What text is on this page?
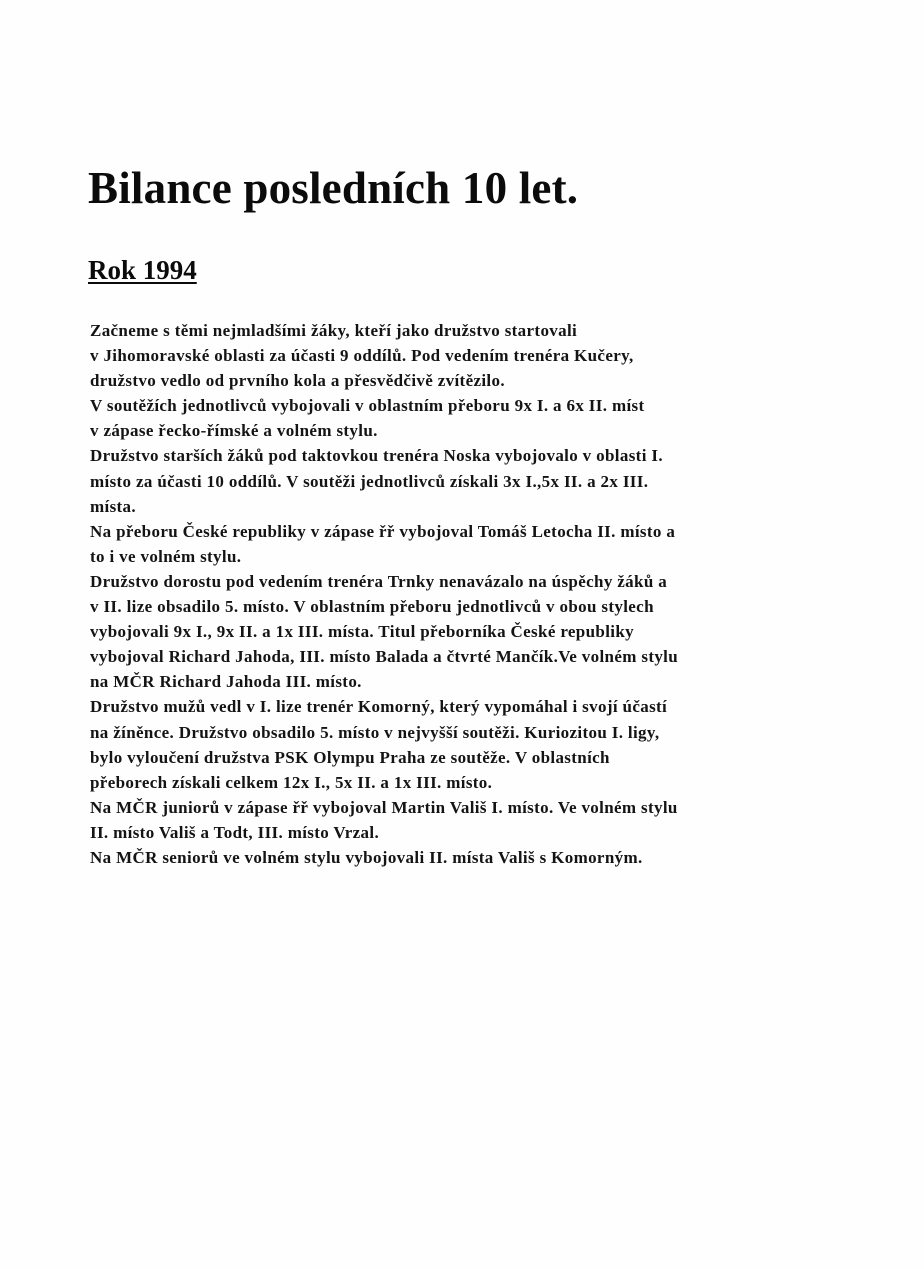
Bilance posledních 10 let.
Rok 1994
Začneme s těmi nejmladšími žáky, kteří jako družstvo startovali
v Jihomoravské oblasti za účasti 9 oddílů. Pod vedením trenéra Kučery,
družstvo vedlo od prvního kola a přesvědčivě zvítězilo.
V soutěžích jednotlivců vybojovali v oblastním přeboru 9x I. a 6x II. míst
v zápase řecko-římské a volném stylu.
Družstvo starších žáků pod taktovkou trenéra Noska vybojovalo v oblasti I.
místo za účasti 10 oddílů. V soutěži jednotlivců získali 3x I.,5x II. a 2x III.
místa.
Na přeboru České republiky v zápase řř vybojoval Tomáš Letocha II. místo a
to i ve volném stylu.
Družstvo dorostu pod vedením trenéra Trnky nenavázalo na úspěchy žáků a
v II. lize obsadilo 5. místo. V oblastním přeboru jednotlivců v obou stylech
vybojovali 9x I., 9x II. a 1x III. místa. Titul přeborníka České republiky
vybojoval Richard Jahoda, III. místo Balada a čtvrté Mančík.Ve volném stylu
na MČR Richard Jahoda III. místo.
Družstvo mužů vedl v I. lize trenér Komorný, který vypomáhal i svojí účastí
na žíněnce. Družstvo obsadilo 5. místo v nejvyšší soutěži. Kuriozitou I. ligy,
bylo vyloučení družstva PSK Olympu Praha ze soutěže. V oblastních
přeborech získali celkem 12x I., 5x II. a 1x III. místo.
Na MČR juniorů v zápase řř vybojoval Martin Vališ I. místo. Ve volném stylu
II. místo Vališ a Todt, III. místo Vrzal.
Na MČR seniorů ve volném stylu vybojovali II. místa Vališ s Komorným.
